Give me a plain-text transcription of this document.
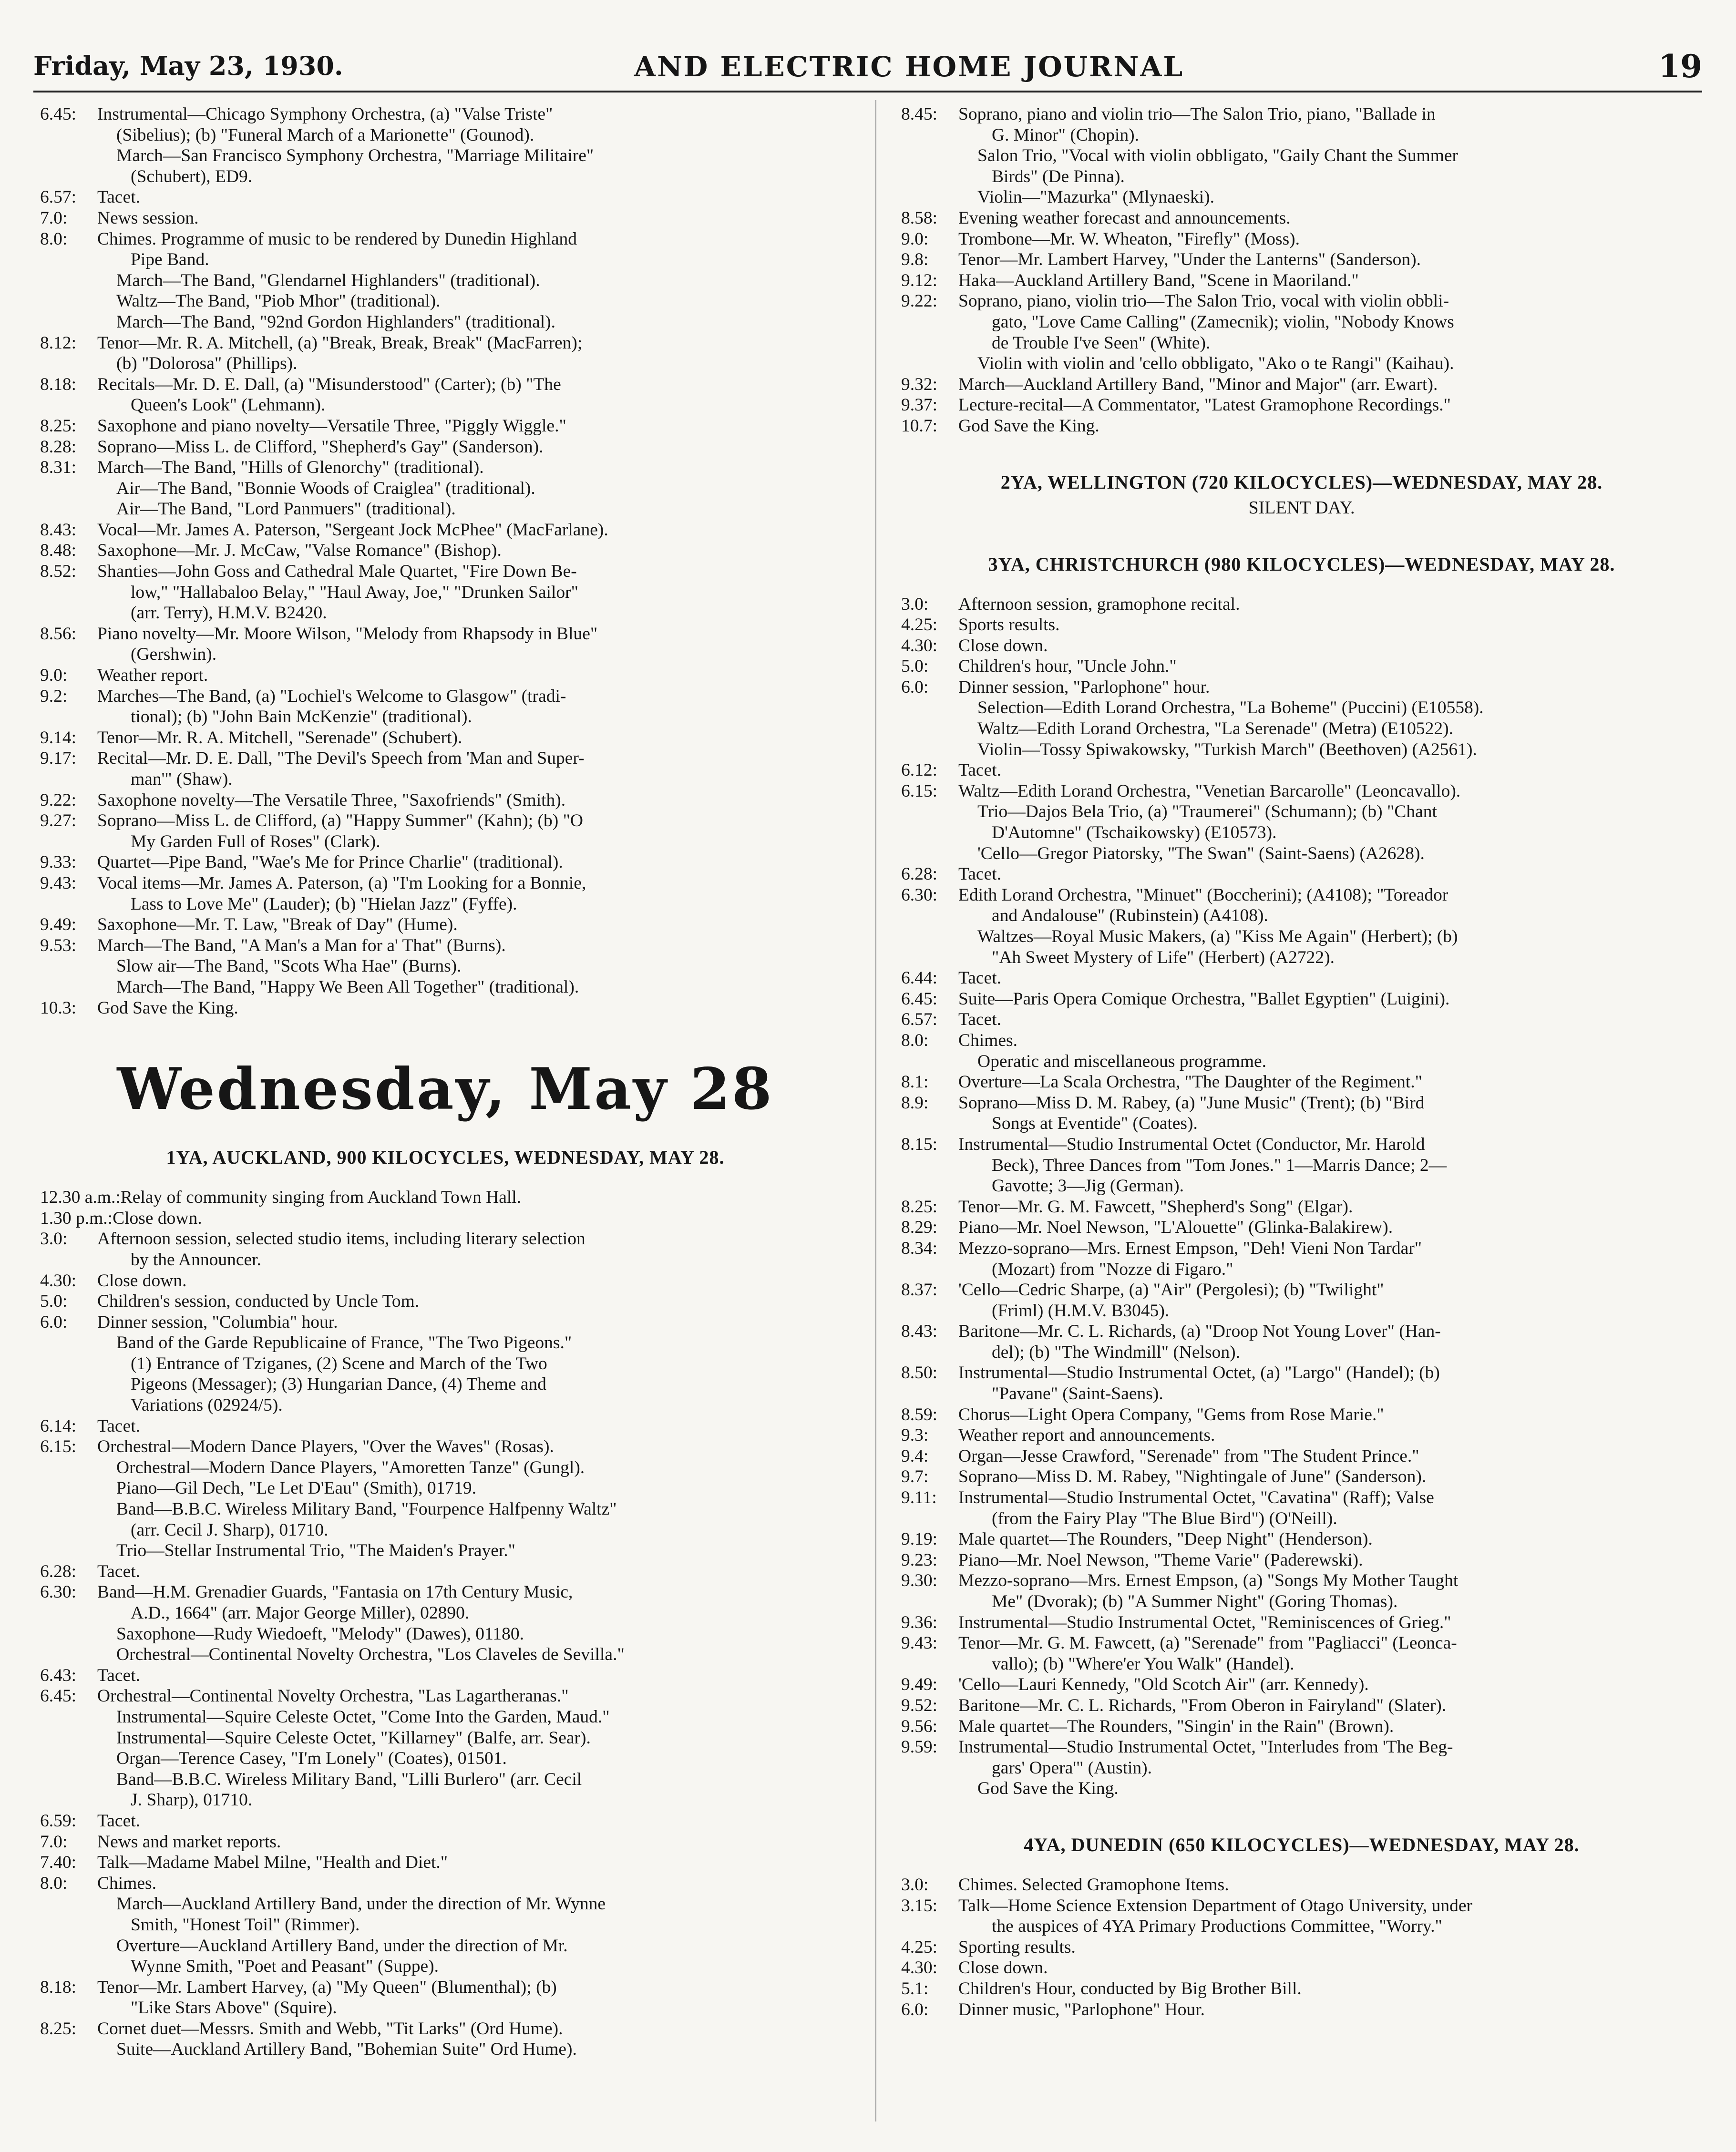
Friday, May 23, 1930.	AND ELECTRIC HOME JOURNAL	19
6.45:	Instrumental—Chicago Symphony Orchestra, (a) "Valse Triste"
(Sibelius); (b) "Funeral March of a Marionette" (Gounod).
March—San Francisco Symphony Orchestra, "Marriage Militaire"
(Schubert), ED9.
6.57:	Tacet.
7.0:	News session.
8.0:	Chimes. Programme of music to be rendered by Dunedin Highland
Pipe Band.
March—The Band, "Glendarnel Highlanders" (traditional).
Waltz—The Band, "Piob Mhor" (traditional).
March—The Band, "92nd Gordon Highlanders" (traditional).
8.12:	Tenor—Mr. R. A. Mitchell, (a) "Break, Break, Break" (MacFarren);
(b) "Dolorosa" (Phillips).
8.18:	Recitals—Mr. D. E. Dall, (a) "Misunderstood" (Carter); (b) "The
Queen's Look" (Lehmann).
8.25:	Saxophone and piano novelty—Versatile Three, "Piggly Wiggle."
8.28:	Soprano—Miss L. de Clifford, "Shepherd's Gay" (Sanderson).
8.31:	March—The Band, "Hills of Glenorchy" (traditional).
Air—The Band, "Bonnie Woods of Craiglea" (traditional).
Air—The Band, "Lord Panmuers" (traditional).
8.43:	Vocal—Mr. James A. Paterson, "Sergeant Jock McPhee" (MacFarlane).
8.48:	Saxophone—Mr. J. McCaw, "Valse Romance" (Bishop).
8.52:	Shanties—John Goss and Cathedral Male Quartet, "Fire Down Be-
low," "Hallabaloo Belay," "Haul Away, Joe," "Drunken Sailor"
(arr. Terry), H.M.V. B2420.
8.56:	Piano novelty—Mr. Moore Wilson, "Melody from Rhapsody in Blue"
(Gershwin).
9.0:	Weather report.
9.2:	Marches—The Band, (a) "Lochiel's Welcome to Glasgow" (tradi-
tional); (b) "John Bain McKenzie" (traditional).
9.14:	Tenor—Mr. R. A. Mitchell, "Serenade" (Schubert).
9.17:	Recital—Mr. D. E. Dall, "The Devil's Speech from 'Man and Super-
man'" (Shaw).
9.22:	Saxophone novelty—The Versatile Three, "Saxofriends" (Smith).
9.27:	Soprano—Miss L. de Clifford, (a) "Happy Summer" (Kahn); (b) "O
My Garden Full of Roses" (Clark).
9.33:	Quartet—Pipe Band, "Wae's Me for Prince Charlie" (traditional).
9.43:	Vocal items—Mr. James A. Paterson, (a) "I'm Looking for a Bonnie,
Lass to Love Me" (Lauder); (b) "Hielan Jazz" (Fyffe).
9.49:	Saxophone—Mr. T. Law, "Break of Day" (Hume).
9.53:	March—The Band, "A Man's a Man for a' That" (Burns).
Slow air—The Band, "Scots Wha Hae" (Burns).
March—The Band, "Happy We Been All Together" (traditional).
10.3:	God Save the King.
Wednesday, May 28
1YA, AUCKLAND, 900 KILOCYCLES, WEDNESDAY, MAY 28.
12.30 a.m.: Relay of community singing from Auckland Town Hall.
1.30 p.m.: Close down.
3.0:	Afternoon session, selected studio items, including literary selection
by the Announcer.
4.30:	Close down.
5.0:	Children's session, conducted by Uncle Tom.
6.0:	Dinner session, "Columbia" hour.
Band of the Garde Republicaine of France, "The Two Pigeons."
(1) Entrance of Tziganes, (2) Scene and March of the Two
Pigeons (Messager); (3) Hungarian Dance, (4) Theme and
Variations (02924/5).
6.14:	Tacet.
6.15:	Orchestral—Modern Dance Players, "Over the Waves" (Rosas).
Orchestral—Modern Dance Players, "Amoretten Tanze" (Gungl).
Piano—Gil Dech, "Le Let D'Eau" (Smith), 01719.
Band—B.B.C. Wireless Military Band, "Fourpence Halfpenny Waltz"
(arr. Cecil J. Sharp), 01710.
Trio—Stellar Instrumental Trio, "The Maiden's Prayer."
6.28:	Tacet.
6.30:	Band—H.M. Grenadier Guards, "Fantasia on 17th Century Music,
A.D., 1664" (arr. Major George Miller), 02890.
Saxophone—Rudy Wiedoeft, "Melody" (Dawes), 01180.
Orchestral—Continental Novelty Orchestra, "Los Claveles de Sevilla."
6.43:	Tacet.
6.45:	Orchestral—Continental Novelty Orchestra, "Las Lagartheranas."
Instrumental—Squire Celeste Octet, "Come Into the Garden, Maud."
Instrumental—Squire Celeste Octet, "Killarney" (Balfe, arr. Sear).
Organ—Terence Casey, "I'm Lonely" (Coates), 01501.
Band—B.B.C. Wireless Military Band, "Lilli Burlero" (arr. Cecil
J. Sharp), 01710.
6.59:	Tacet.
7.0:	News and market reports.
7.40:	Talk—Madame Mabel Milne, "Health and Diet."
8.0:	Chimes.
March—Auckland Artillery Band, under the direction of Mr. Wynne
Smith, "Honest Toil" (Rimmer).
Overture—Auckland Artillery Band, under the direction of Mr.
Wynne Smith, "Poet and Peasant" (Suppe).
8.18:	Tenor—Mr. Lambert Harvey, (a) "My Queen" (Blumenthal); (b)
"Like Stars Above" (Squire).
8.25:	Cornet duet—Messrs. Smith and Webb, "Tit Larks" (Ord Hume).
Suite—Auckland Artillery Band, "Bohemian Suite" Ord Hume).
8.45:	Soprano, piano and violin trio—The Salon Trio, piano, "Ballade in
G. Minor" (Chopin).
Salon Trio, "Vocal with violin obbligato, "Gaily Chant the Summer
Birds" (De Pinna).
Violin—"Mazurka" (Mlynaeski).
8.58:	Evening weather forecast and announcements.
9.0:	Trombone—Mr. W. Wheaton, "Firefly" (Moss).
9.8:	Tenor—Mr. Lambert Harvey, "Under the Lanterns" (Sanderson).
9.12:	Haka—Auckland Artillery Band, "Scene in Maoriland."
9.22:	Soprano, piano, violin trio—The Salon Trio, vocal with violin obbli-
gato, "Love Came Calling" (Zamecnik); violin, "Nobody Knows
de Trouble I've Seen" (White).
Violin with violin and 'cello obbligato, "Ako o te Rangi" (Kaihau).
9.32:	March—Auckland Artillery Band, "Minor and Major" (arr. Ewart).
9.37:	Lecture-recital—A Commentator, "Latest Gramophone Recordings."
10.7:	God Save the King.
2YA, WELLINGTON (720 KILOCYCLES)—WEDNESDAY, MAY 28.
SILENT DAY.
3YA, CHRISTCHURCH (980 KILOCYCLES)—WEDNESDAY, MAY 28.
3.0:	Afternoon session, gramophone recital.
4.25:	Sports results.
4.30:	Close down.
5.0:	Children's hour, "Uncle John."
6.0:	Dinner session, "Parlophone" hour.
Selection—Edith Lorand Orchestra, "La Boheme" (Puccini) (E10558).
Waltz—Edith Lorand Orchestra, "La Serenade" (Metra) (E10522).
Violin—Tossy Spiwakowsky, "Turkish March" (Beethoven) (A2561).
6.12:	Tacet.
6.15:	Waltz—Edith Lorand Orchestra, "Venetian Barcarolle" (Leoncavallo).
Trio—Dajos Bela Trio, (a) "Traumerei" (Schumann); (b) "Chant
D'Automne" (Tschaikowsky) (E10573).
'Cello—Gregor Piatorsky, "The Swan" (Saint-Saens) (A2628).
6.28:	Tacet.
6.30:	Edith Lorand Orchestra, "Minuet" (Boccherini); (A4108); "Toreador
and Andalouse" (Rubinstein) (A4108).
Waltzes—Royal Music Makers, (a) "Kiss Me Again" (Herbert); (b)
"Ah Sweet Mystery of Life" (Herbert) (A2722).
6.44:	Tacet.
6.45:	Suite—Paris Opera Comique Orchestra, "Ballet Egyptien" (Luigini).
6.57:	Tacet.
8.0:	Chimes.
Operatic and miscellaneous programme.
8.1:	Overture—La Scala Orchestra, "The Daughter of the Regiment."
8.9:	Soprano—Miss D. M. Rabey, (a) "June Music" (Trent); (b) "Bird
Songs at Eventide" (Coates).
8.15:	Instrumental—Studio Instrumental Octet (Conductor, Mr. Harold
Beck), Three Dances from "Tom Jones." 1—Marris Dance; 2—
Gavotte; 3—Jig (German).
8.25:	Tenor—Mr. G. M. Fawcett, "Shepherd's Song" (Elgar).
8.29:	Piano—Mr. Noel Newson, "L'Alouette" (Glinka-Balakirew).
8.34:	Mezzo-soprano—Mrs. Ernest Empson, "Deh! Vieni Non Tardar"
(Mozart) from "Nozze di Figaro."
8.37:	'Cello—Cedric Sharpe, (a) "Air" (Pergolesi); (b) "Twilight"
(Friml) (H.M.V. B3045).
8.43:	Baritone—Mr. C. L. Richards, (a) "Droop Not Young Lover" (Han-
del); (b) "The Windmill" (Nelson).
8.50:	Instrumental—Studio Instrumental Octet, (a) "Largo" (Handel); (b)
"Pavane" (Saint-Saens).
8.59:	Chorus—Light Opera Company, "Gems from Rose Marie."
9.3:	Weather report and announcements.
9.4:	Organ—Jesse Crawford, "Serenade" from "The Student Prince."
9.7:	Soprano—Miss D. M. Rabey, "Nightingale of June" (Sanderson).
9.11:	Instrumental—Studio Instrumental Octet, "Cavatina" (Raff); Valse
(from the Fairy Play "The Blue Bird") (O'Neill).
9.19:	Male quartet—The Rounders, "Deep Night" (Henderson).
9.23:	Piano—Mr. Noel Newson, "Theme Varie" (Paderewski).
9.30:	Mezzo-soprano—Mrs. Ernest Empson, (a) "Songs My Mother Taught
Me" (Dvorak); (b) "A Summer Night" (Goring Thomas).
9.36:	Instrumental—Studio Instrumental Octet, "Reminiscences of Grieg."
9.43:	Tenor—Mr. G. M. Fawcett, (a) "Serenade" from "Pagliacci" (Leonca-
vallo); (b) "Where'er You Walk" (Handel).
9.49:	'Cello—Lauri Kennedy, "Old Scotch Air" (arr. Kennedy).
9.52:	Baritone—Mr. C. L. Richards, "From Oberon in Fairyland" (Slater).
9.56:	Male quartet—The Rounders, "Singin' in the Rain" (Brown).
9.59:	Instrumental—Studio Instrumental Octet, "Interludes from 'The Beg-
gars' Opera'" (Austin).
God Save the King.
4YA, DUNEDIN (650 KILOCYCLES)—WEDNESDAY, MAY 28.
3.0:	Chimes. Selected Gramophone Items.
3.15:	Talk—Home Science Extension Department of Otago University, under
the auspices of 4YA Primary Productions Committee, "Worry."
4.25:	Sporting results.
4.30:	Close down.
5.1:	Children's Hour, conducted by Big Brother Bill.
6.0:	Dinner music, "Parlophone" Hour.
